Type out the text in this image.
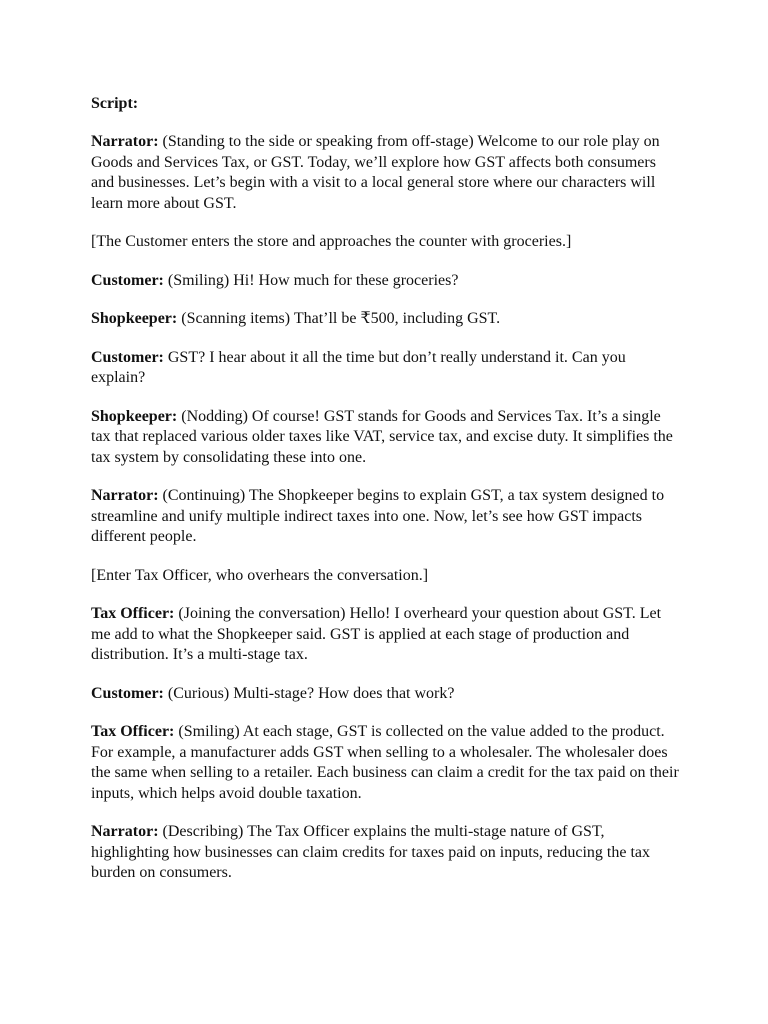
Script:

Narrator: (Standing to the side or speaking from off-stage) Welcome to our role play on Goods and Services Tax, or GST. Today, we’ll explore how GST affects both consumers and businesses. Let’s begin with a visit to a local general store where our characters will learn more about GST.

[The Customer enters the store and approaches the counter with groceries.]

Customer: (Smiling) Hi! How much for these groceries?

Shopkeeper: (Scanning items) That’ll be ₹500, including GST.

Customer: GST? I hear about it all the time but don’t really understand it. Can you explain?

Shopkeeper: (Nodding) Of course! GST stands for Goods and Services Tax. It’s a single tax that replaced various older taxes like VAT, service tax, and excise duty. It simplifies the tax system by consolidating these into one.

Narrator: (Continuing) The Shopkeeper begins to explain GST, a tax system designed to streamline and unify multiple indirect taxes into one. Now, let’s see how GST impacts different people.

[Enter Tax Officer, who overhears the conversation.]

Tax Officer: (Joining the conversation) Hello! I overheard your question about GST. Let me add to what the Shopkeeper said. GST is applied at each stage of production and distribution. It’s a multi-stage tax.

Customer: (Curious) Multi-stage? How does that work?

Tax Officer: (Smiling) At each stage, GST is collected on the value added to the product. For example, a manufacturer adds GST when selling to a wholesaler. The wholesaler does the same when selling to a retailer. Each business can claim a credit for the tax paid on their inputs, which helps avoid double taxation.

Narrator: (Describing) The Tax Officer explains the multi-stage nature of GST, highlighting how businesses can claim credits for taxes paid on inputs, reducing the tax burden on consumers.
